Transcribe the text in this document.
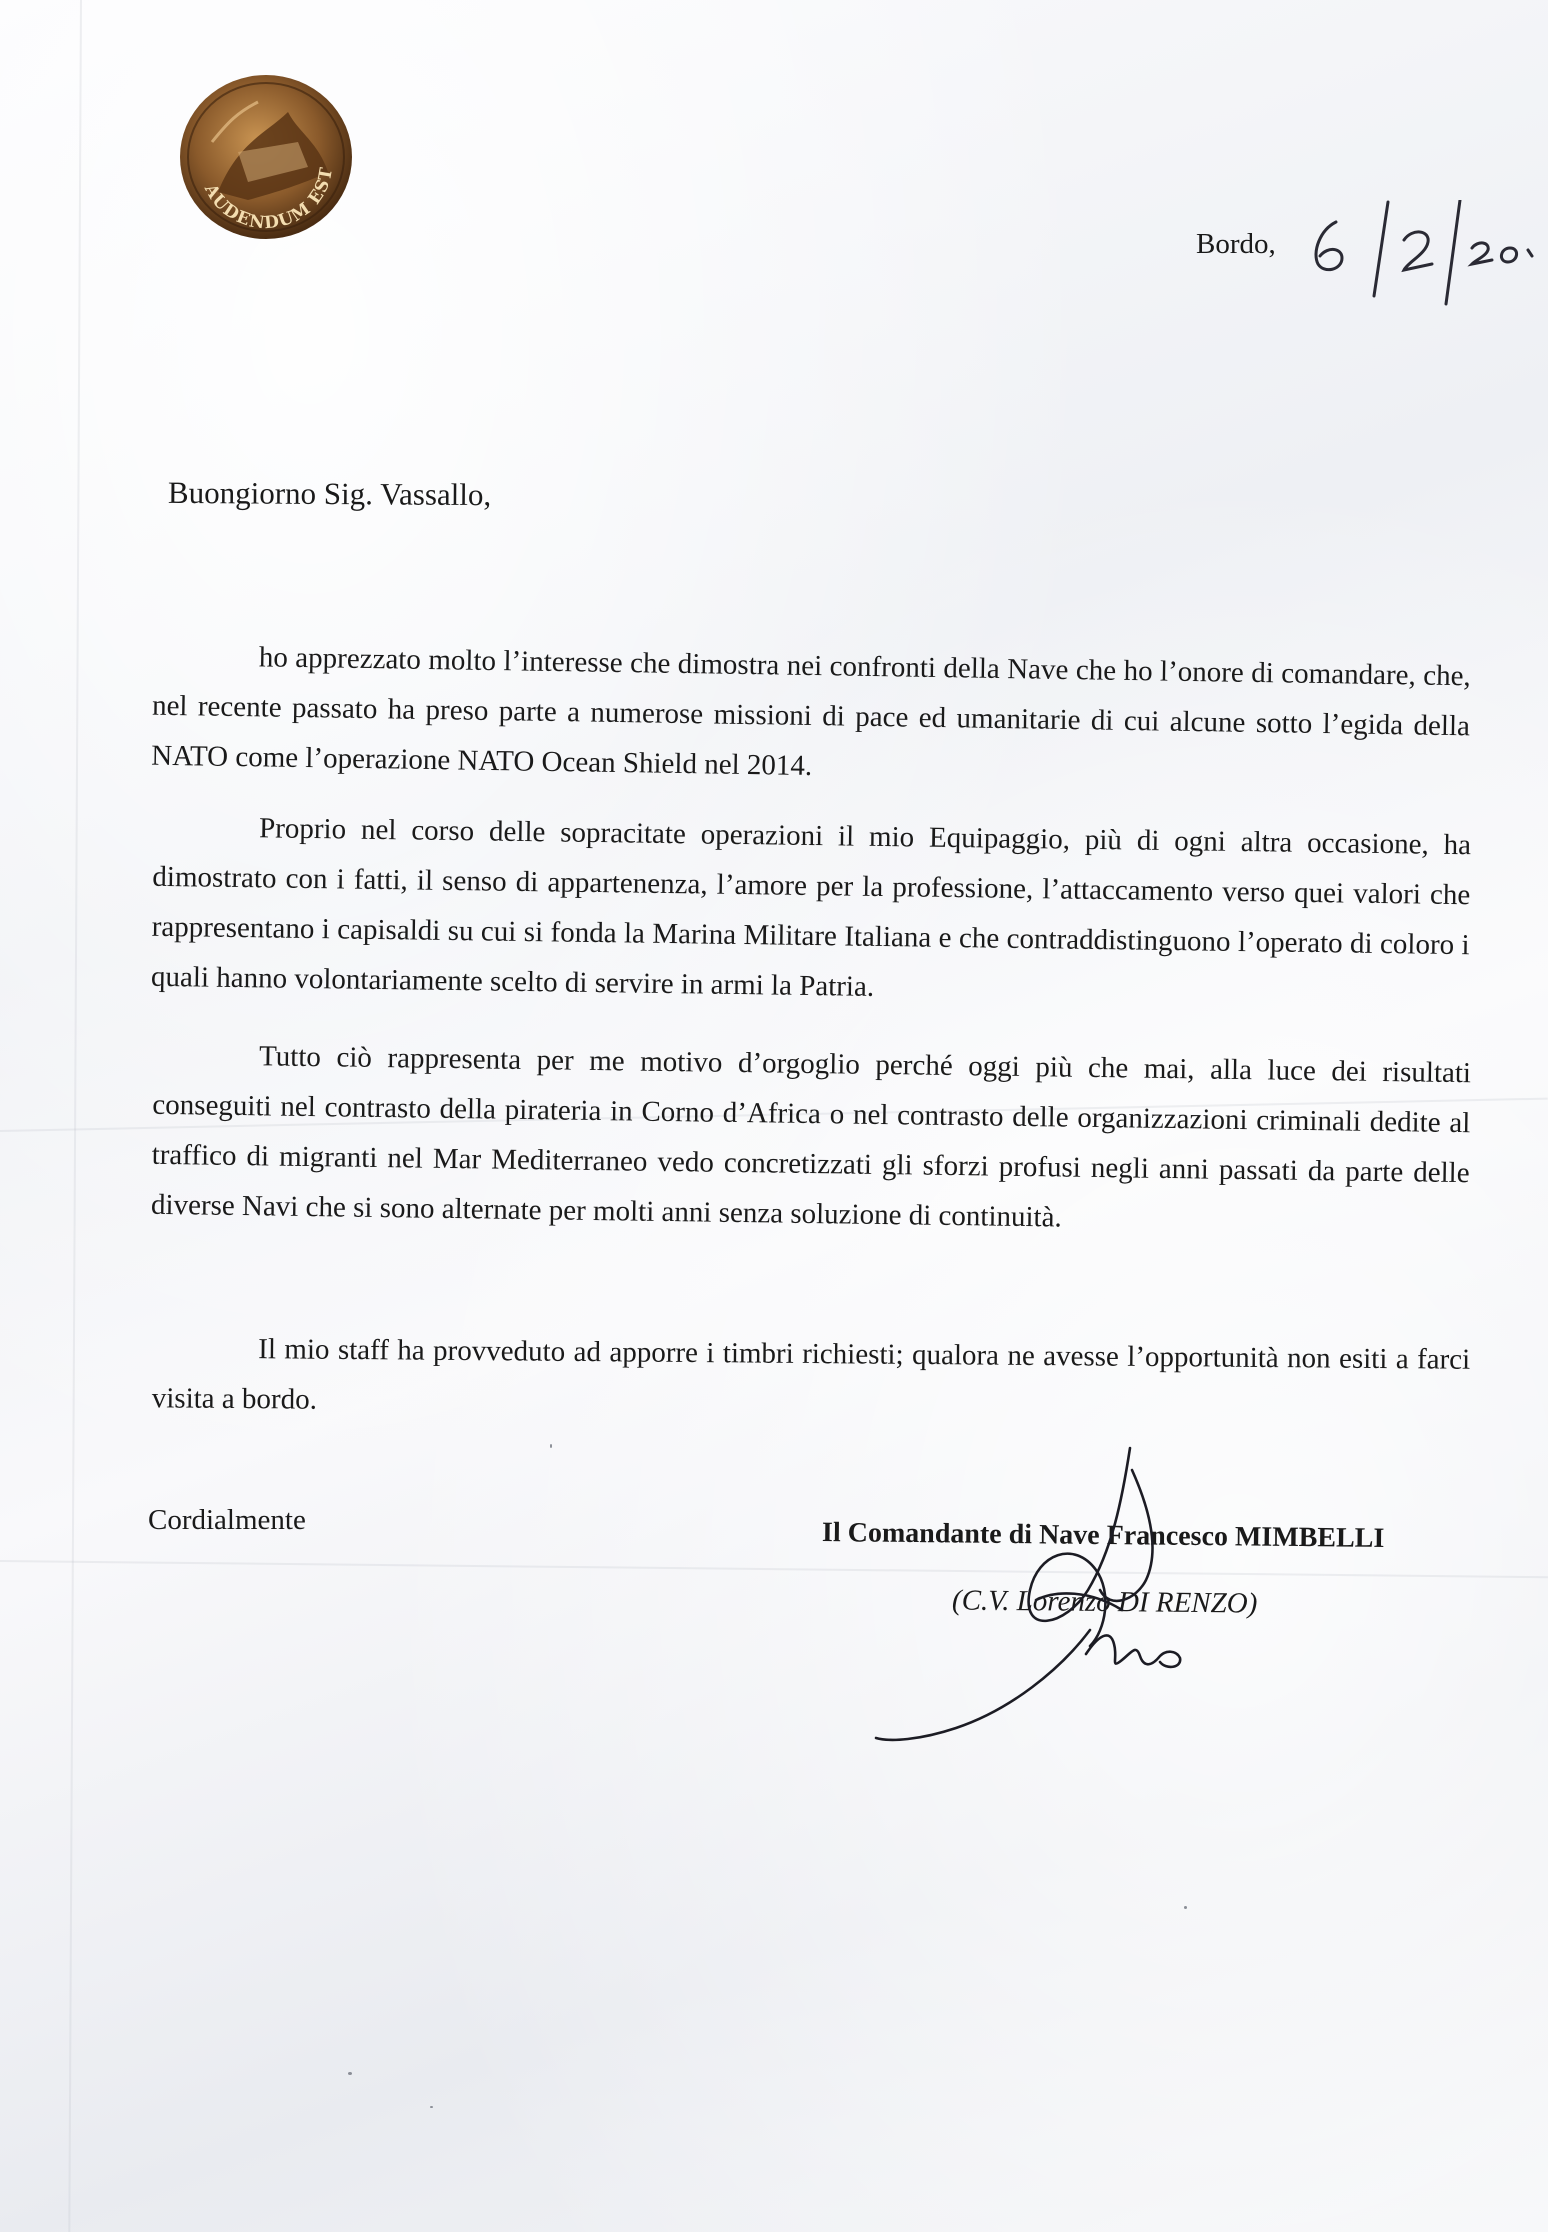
AUDENDUM EST
Bordo,
Buongiorno Sig. Vassallo,

ho apprezzato molto l’interesse che dimostra nei confronti della Nave che ho l’onore di comandare, che, nel recente passato ha preso parte a numerose missioni di pace ed umanitarie di cui alcune sotto l’egida della NATO come l’operazione NATO Ocean Shield nel 2014.

Proprio nel corso delle sopracitate operazioni il mio Equipaggio, più di ogni altra occasione, ha dimostrato con i fatti, il senso di appartenenza, l’amore per la professione, l’attaccamento verso quei valori che rappresentano i capisaldi su cui si fonda la Marina Militare Italiana e che contraddistinguono l’operato di coloro i quali hanno volontariamente scelto di servire in armi la Patria.

Tutto ciò rappresenta per me motivo d’orgoglio perché oggi più che mai, alla luce dei risultati conseguiti nel contrasto della pirateria in Corno d’Africa o nel contrasto delle organizzazioni criminali dedite al traffico di migranti nel Mar Mediterraneo vedo concretizzati gli sforzi profusi negli anni passati da parte delle diverse Navi che si sono alternate per molti anni senza soluzione di continuità.

Il mio staff ha provveduto ad apporre i timbri richiesti; qualora ne avesse l’opportunità non esiti a farci visita a bordo.

Cordialmente	Il Comandante di Nave Francesco MIMBELLI
(C.V. Lorenzo DI RENZO)
